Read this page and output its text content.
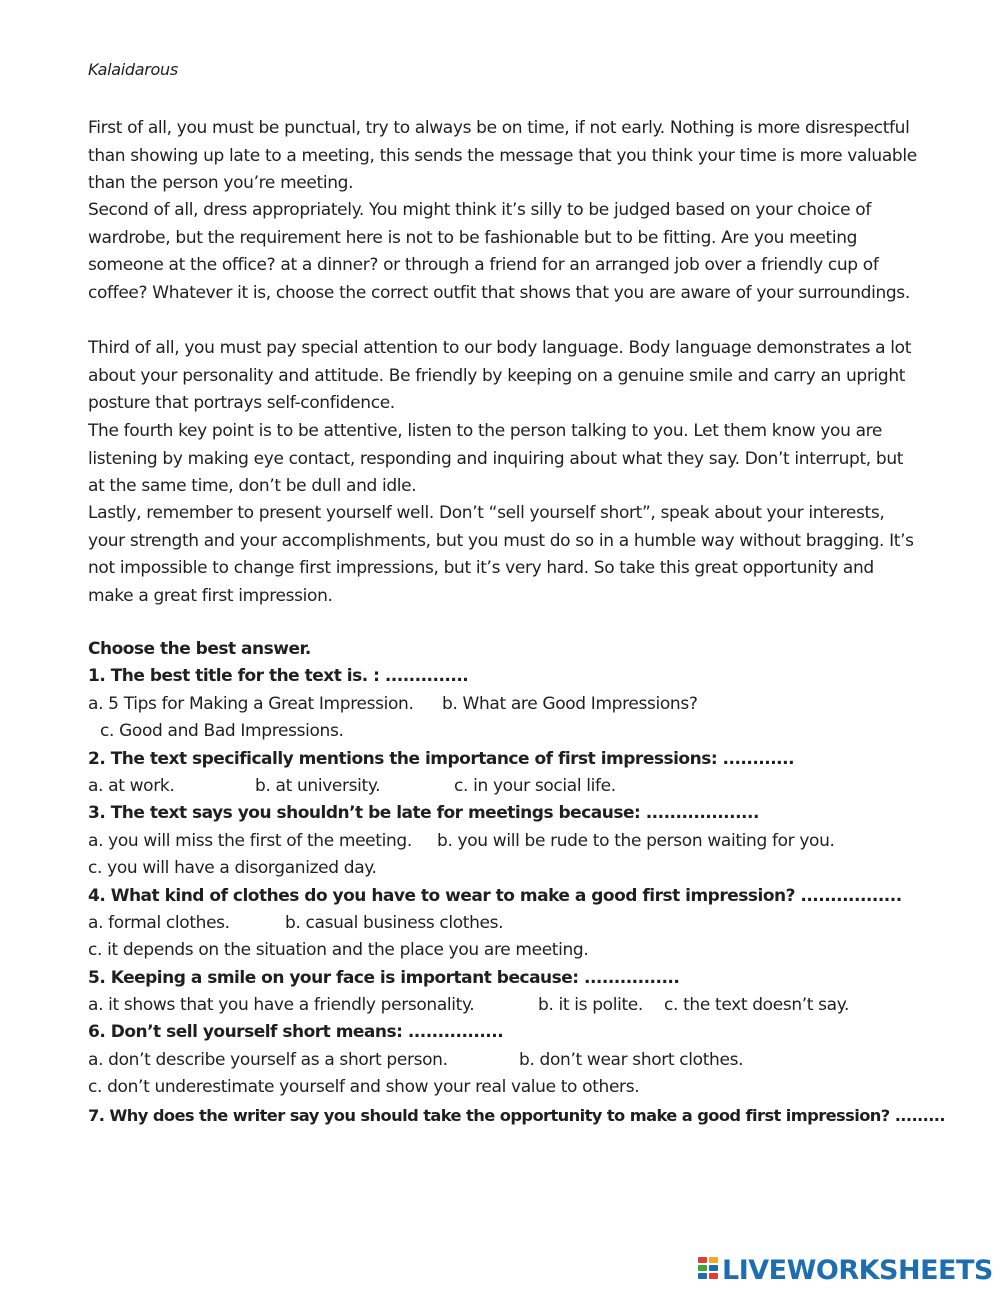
Kalaidarous

First of all, you must be punctual, try to always be on time, if not early. Nothing is more disrespectful than showing up late to a meeting, this sends the message that you think your time is more valuable than the person you’re meeting.

Second of all, dress appropriately. You might think it’s silly to be judged based on your choice of wardrobe, but the requirement here is not to be fashionable but to be fitting. Are you meeting someone at the office? at a dinner? or through a friend for an arranged job over a friendly cup of coffee? Whatever it is, choose the correct outfit that shows that you are aware of your surroundings.

Third of all, you must pay special attention to our body language. Body language demonstrates a lot about your personality and attitude. Be friendly by keeping on a genuine smile and carry an upright posture that portrays self-confidence.

The fourth key point is to be attentive, listen to the person talking to you. Let them know you are listening by making eye contact, responding and inquiring about what they say. Don’t interrupt, but at the same time, don’t be dull and idle.

Lastly, remember to present yourself well. Don’t “sell yourself short”, speak about your interests, your strength and your accomplishments, but you must do so in a humble way without bragging. It’s not impossible to change first impressions, but it’s very hard. So take this great opportunity and make a great first impression.

Choose the best answer.
1. The best title for the text is. : ..............
a. 5 Tips for Making a Great Impression. b. What are Good Impressions?
c. Good and Bad Impressions.
2. The text specifically mentions the importance of first impressions: ............
a. at work.	b. at university.	c. in your social life.
3. The text says you shouldn’t be late for meetings because: ...................
a. you will miss the first of the meeting. b. you will be rude to the person waiting for you.
c. you will have a disorganized day.
4. What kind of clothes do you have to wear to make a good first impression? .................
a. formal clothes.	b. casual business clothes.
c. it depends on the situation and the place you are meeting.
5. Keeping a smile on your face is important because: ................
a. it shows that you have a friendly personality.	b. it is polite. c. the text doesn’t say.
6. Don’t sell yourself short means: ................
a. don’t describe yourself as a short person.	b. don’t wear short clothes.
c. don’t underestimate yourself and show your real value to others.
7. Why does the writer say you should take the opportunity to make a good first impression? .........
LIVEWORKSHEETS
